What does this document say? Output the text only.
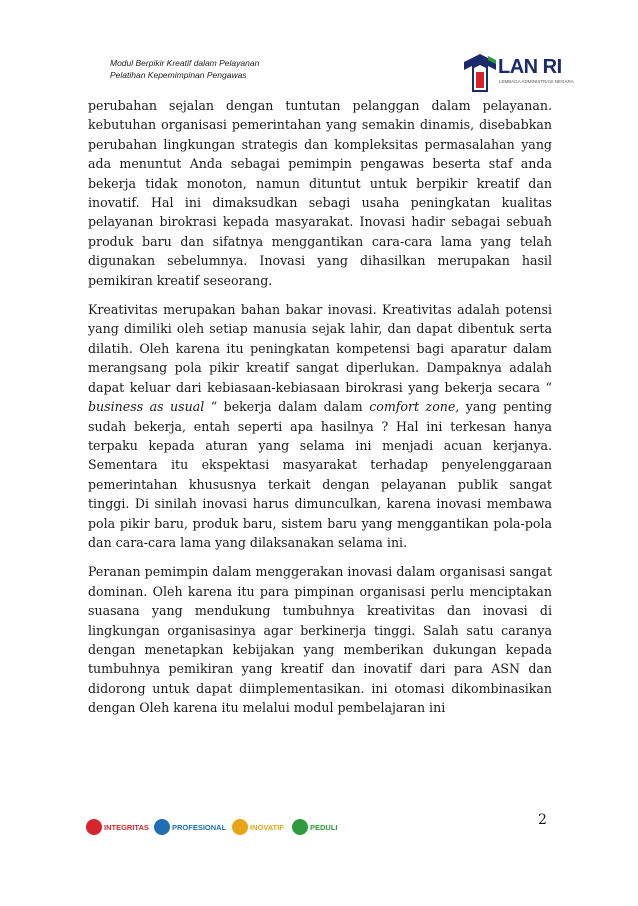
Modul Berpikir Kreatif dalam Pelayanan
Pelatihan Kepemimpinan Pengawas	LAN RI
LEMBAGA ADMINISTRASI NEGARA

perubahan sejalan dengan tuntutan pelanggan dalam pelayanan. kebutuhan organisasi pemerintahan yang semakin dinamis, disebabkan perubahan lingkungan strategis dan kompleksitas permasalahan yang ada menuntut Anda sebagai pemimpin pengawas beserta staf anda bekerja tidak monoton, namun dituntut untuk berpikir kreatif dan inovatif. Hal ini dimaksudkan sebagi usaha peningkatan kualitas pelayanan birokrasi kepada masyarakat. Inovasi hadir sebagai sebuah produk baru dan sifatnya menggantikan cara-cara lama yang telah digunakan sebelumnya. Inovasi yang dihasilkan merupakan hasil pemikiran kreatif seseorang.

Kreativitas merupakan bahan bakar inovasi. Kreativitas adalah potensi yang dimiliki oleh setiap manusia sejak lahir, dan dapat dibentuk serta dilatih. Oleh karena itu peningkatan kompetensi bagi aparatur dalam merangsang pola pikir kreatif sangat diperlukan. Dampaknya adalah dapat keluar dari kebiasaan-kebiasaan birokrasi yang bekerja secara “ business as usual “ bekerja dalam dalam comfort zone, yang penting sudah bekerja, entah seperti apa hasilnya ? Hal ini terkesan hanya terpaku kepada aturan yang selama ini menjadi acuan kerjanya. Sementara itu ekspektasi masyarakat terhadap penyelenggaraan pemerintahan khususnya terkait dengan pelayanan publik sangat tinggi. Di sinilah inovasi harus dimunculkan, karena inovasi membawa pola pikir baru, produk baru, sistem baru yang menggantikan pola-pola dan cara-cara lama yang dilaksanakan selama ini.

Peranan pemimpin dalam menggerakan inovasi dalam organisasi sangat dominan. Oleh karena itu para pimpinan organisasi perlu menciptakan suasana yang mendukung tumbuhnya kreativitas dan inovasi di lingkungan organisasinya agar berkinerja tinggi. Salah satu caranya dengan menetapkan kebijakan yang memberikan dukungan kepada tumbuhnya pemikiran yang kreatif dan inovatif dari para ASN dan didorong untuk dapat diimplementasikan. ini otomasi dikombinasikan dengan Oleh karena itu melalui modul pembelajaran ini

INTEGRITAS	PROFESIONAL	INOVATIF	PEDULI	2
